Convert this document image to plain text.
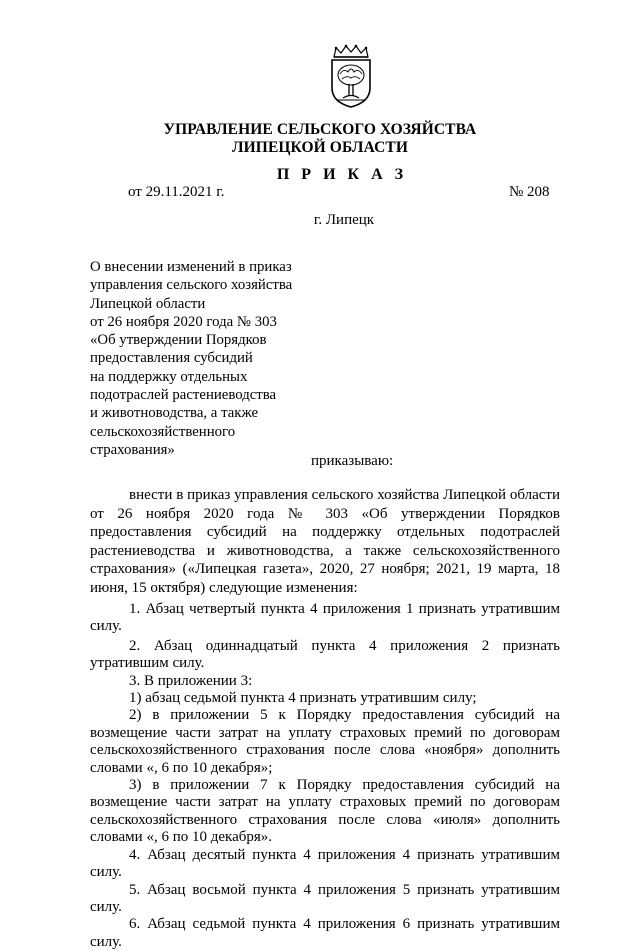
УПРАВЛЕНИЕ СЕЛЬСКОГО ХОЗЯЙСТВА
ЛИПЕЦКОЙ ОБЛАСТИ
П Р И К А З
от 29.11.2021 г.	№ 208
г. Липецк
О внесении изменений в приказ
управления сельского хозяйства
Липецкой области
от 26 ноября 2020 года № 303
«Об утверждении Порядков
предоставления субсидий
на поддержку отдельных
подотраслей растениеводства
и животноводства, а также
сельскохозяйственного
страхования»
приказываю:
внести в приказ управления сельского хозяйства Липецкой области от 26 ноября 2020 года № 303 «Об утверждении Порядков предоставления субсидий на поддержку отдельных подотраслей растениеводства и животноводства, а также сельскохозяйственного страхования» («Липецкая газета», 2020, 27 ноября; 2021, 19 марта, 18 июня, 15 октября) следующие изменения:

1. Абзац четвертый пункта 4 приложения 1 признать утратившим силу.

2. Абзац одиннадцатый пункта 4 приложения 2 признать утратившим силу.

3. В приложении 3:

1) абзац седьмой пункта 4 признать утратившим силу;

2) в приложении 5 к Порядку предоставления субсидий на возмещение части затрат на уплату страховых премий по договорам сельскохозяйственного страхования после слова «ноября» дополнить словами «, 6 по 10 декабря»;

3) в приложении 7 к Порядку предоставления субсидий на возмещение части затрат на уплату страховых премий по договорам сельскохозяйственного страхования после слова «июля» дополнить словами «, 6 по 10 декабря».

4. Абзац десятый пункта 4 приложения 4 признать утратившим силу.

5. Абзац восьмой пункта 4 приложения 5 признать утратившим силу.

6. Абзац седьмой пункта 4 приложения 6 признать утратившим силу.
